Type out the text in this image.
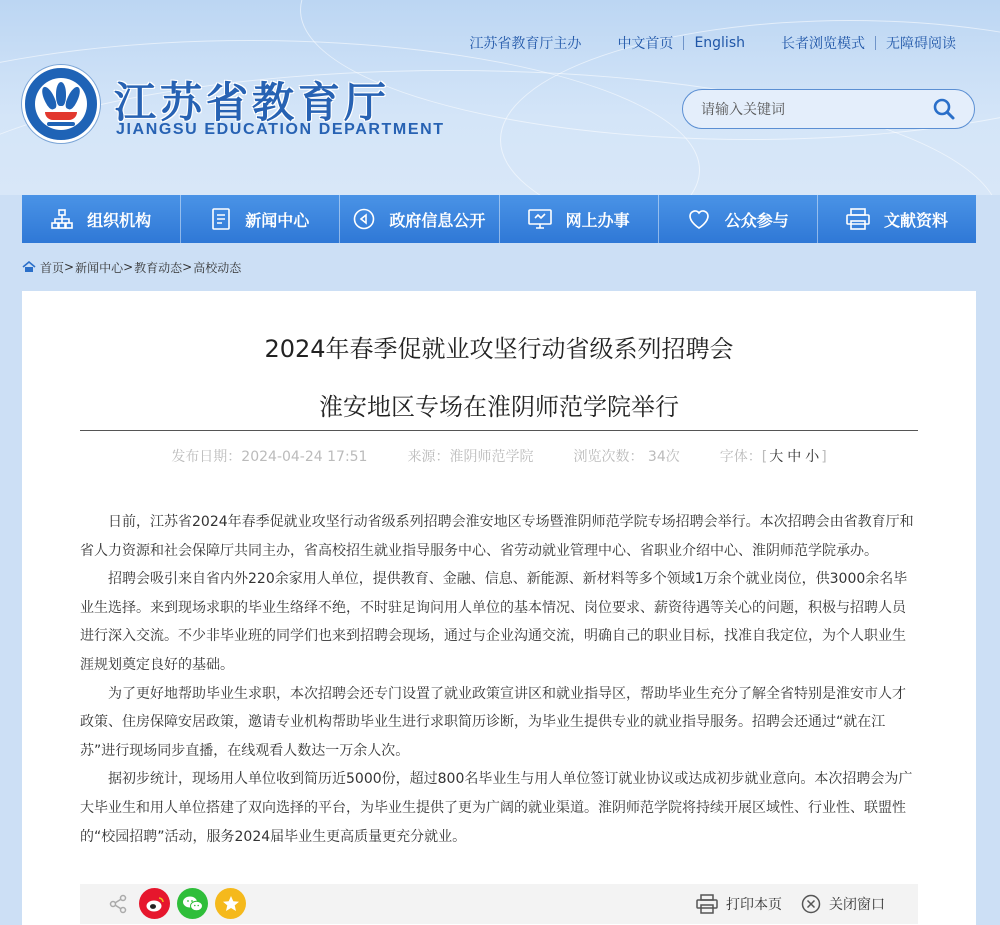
江苏省教育厅主办	中文首页	English	长者浏览模式	无障碍阅读
江苏省教育厅
JIANGSU EDUCATION DEPARTMENT
请输入关键词
组织机构	新闻中心	政府信息公开	网上办事	公众参与	文献资料
首页 > 新闻中心 > 教育动态 > 高校动态
2024年春季促就业攻坚行动省级系列招聘会
淮安地区专场在淮阴师范学院举行
发布日期：2024-04-24 17:51	来源：淮阴师范学院	浏览次数： 34次	字体：[ 大 中 小 ]

日前，江苏省2024年春季促就业攻坚行动省级系列招聘会淮安地区专场暨淮阴师范学院专场招聘会举行。本次招聘会由省教育厅和省人力资源和社会保障厅共同主办，省高校招生就业指导服务中心、省劳动就业管理中心、省职业介绍中心、淮阴师范学院承办。

招聘会吸引来自省内外220余家用人单位，提供教育、金融、信息、新能源、新材料等多个领域1万余个就业岗位，供3000余名毕业生选择。来到现场求职的毕业生络绎不绝，不时驻足询问用人单位的基本情况、岗位要求、薪资待遇等关心的问题，积极与招聘人员进行深入交流。不少非毕业班的同学们也来到招聘会现场，通过与企业沟通交流，明确自己的职业目标，找准自我定位，为个人职业生涯规划奠定良好的基础。

为了更好地帮助毕业生求职，本次招聘会还专门设置了就业政策宣讲区和就业指导区，帮助毕业生充分了解全省特别是淮安市人才政策、住房保障安居政策，邀请专业机构帮助毕业生进行求职简历诊断，为毕业生提供专业的就业指导服务。招聘会还通过“就在江苏”进行现场同步直播，在线观看人数达一万余人次。

据初步统计，现场用人单位收到简历近5000份，超过800名毕业生与用人单位签订就业协议或达成初步就业意向。本次招聘会为广大毕业生和用人单位搭建了双向选择的平台，为毕业生提供了更为广阔的就业渠道。淮阴师范学院将持续开展区域性、行业性、联盟性的“校园招聘”活动，服务2024届毕业生更高质量更充分就业。

打印本页	关闭窗口
